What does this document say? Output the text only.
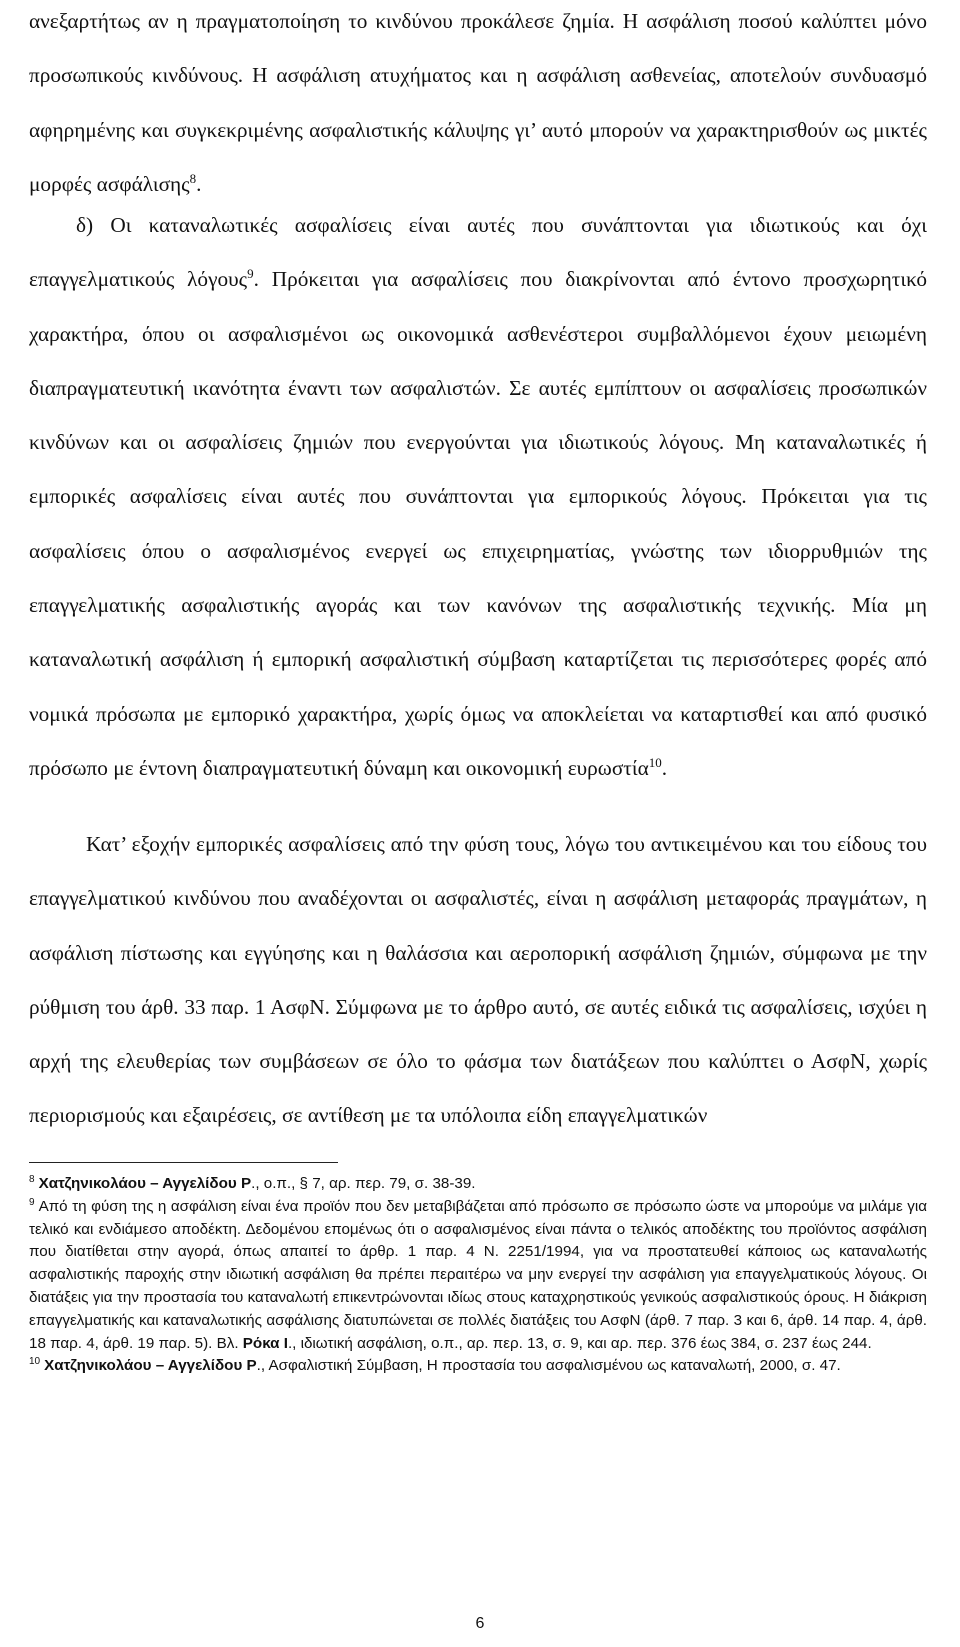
ανεξαρτήτως αν η πραγματοποίηση το κινδύνου προκάλεσε ζημία. Η ασφάλιση ποσού καλύπτει μόνο προσωπικούς κινδύνους. Η ασφάλιση ατυχήματος και η ασφάλιση ασθενείας, αποτελούν συνδυασμό αφηρημένης και συγκεκριμένης ασφαλιστικής κάλυψης γι’ αυτό μπορούν να χαρακτηρισθούν ως μικτές μορφές ασφάλισης$^8$.

δ) Οι καταναλωτικές ασφαλίσεις είναι αυτές που συνάπτονται για ιδιωτικούς και όχι επαγγελματικούς λόγους$^9$. Πρόκειται για ασφαλίσεις που διακρίνονται από έντονο προσχωρητικό χαρακτήρα, όπου οι ασφαλισμένοι ως οικονομικά ασθενέστεροι συμβαλλόμενοι έχουν μειωμένη διαπραγματευτική ικανότητα έναντι των ασφαλιστών. Σε αυτές εμπίπτουν οι ασφαλίσεις προσωπικών κινδύνων και οι ασφαλίσεις ζημιών που ενεργούνται για ιδιωτικούς λόγους. Μη καταναλωτικές ή εμπορικές ασφαλίσεις είναι αυτές που συνάπτονται για εμπορικούς λόγους. Πρόκειται για τις ασφαλίσεις όπου ο ασφαλισμένος ενεργεί ως επιχειρηματίας, γνώστης των ιδιορρυθμιών της επαγγελματικής ασφαλιστικής αγοράς και των κανόνων της ασφαλιστικής τεχνικής. Μία μη καταναλωτική ασφάλιση ή εμπορική ασφαλιστική σύμβαση καταρτίζεται τις περισσότερες φορές από νομικά πρόσωπα με εμπορικό χαρακτήρα, χωρίς όμως να αποκλείεται να καταρτισθεί και από φυσικό πρόσωπο με έντονη διαπραγματευτική δύναμη και οικονομική ευρωστία$^{10}$.

Κατ’ εξοχήν εμπορικές ασφαλίσεις από την φύση τους, λόγω του αντικειμένου και του είδους του επαγγελματικού κινδύνου που αναδέχονται οι ασφαλιστές, είναι η ασφάλιση μεταφοράς πραγμάτων, η ασφάλιση πίστωσης και εγγύησης και η θαλάσσια και αεροπορική ασφάλιση ζημιών, σύμφωνα με την ρύθμιση του άρθ. 33 παρ. 1 ΑσφΝ. Σύμφωνα με το άρθρο αυτό, σε αυτές ειδικά τις ασφαλίσεις, ισχύει η αρχή της ελευθερίας των συμβάσεων σε όλο το φάσμα των διατάξεων που καλύπτει ο ΑσφΝ, χωρίς περιορισμούς και εξαιρέσεις, σε αντίθεση με τα υπόλοιπα είδη επαγγελματικών

$^8$ Χατζηνικολάου – Αγγελίδου Ρ., ο.π., § 7, αρ. περ. 79, σ. 38-39.

$^9$ Από τη φύση της η ασφάλιση είναι ένα προϊόν που δεν μεταβιβάζεται από πρόσωπο σε πρόσωπο ώστε να μπορούμε να μιλάμε για τελικό και ενδιάμεσο αποδέκτη. Δεδομένου επομένως ότι ο ασφαλισμένος είναι πάντα ο τελικός αποδέκτης του προϊόντος ασφάλιση που διατίθεται στην αγορά, όπως απαιτεί το άρθρ. 1 παρ. 4 Ν. 2251/1994, για να προστατευθεί κάποιος ως καταναλωτής ασφαλιστικής παροχής στην ιδιωτική ασφάλιση θα πρέπει περαιτέρω να μην ενεργεί την ασφάλιση για επαγγελματικούς λόγους. Οι διατάξεις για την προστασία του καταναλωτή επικεντρώνονται ιδίως στους καταχρηστικούς γενικούς ασφαλιστικούς όρους. Η διάκριση επαγγελματικής και καταναλωτικής ασφάλισης διατυπώνεται σε πολλές διατάξεις του ΑσφΝ (άρθ. 7 παρ. 3 και 6, άρθ. 14 παρ. 4, άρθ. 18 παρ. 4, άρθ. 19 παρ. 5). Βλ. Ρόκα Ι., ιδιωτική ασφάλιση, ο.π., αρ. περ. 13, σ. 9, και αρ. περ. 376 έως 384, σ. 237 έως 244.

$^{10}$ Χατζηνικολάου – Αγγελίδου Ρ., Ασφαλιστική Σύμβαση, Η προστασία του ασφαλισμένου ως καταναλωτή, 2000, σ. 47.

6
